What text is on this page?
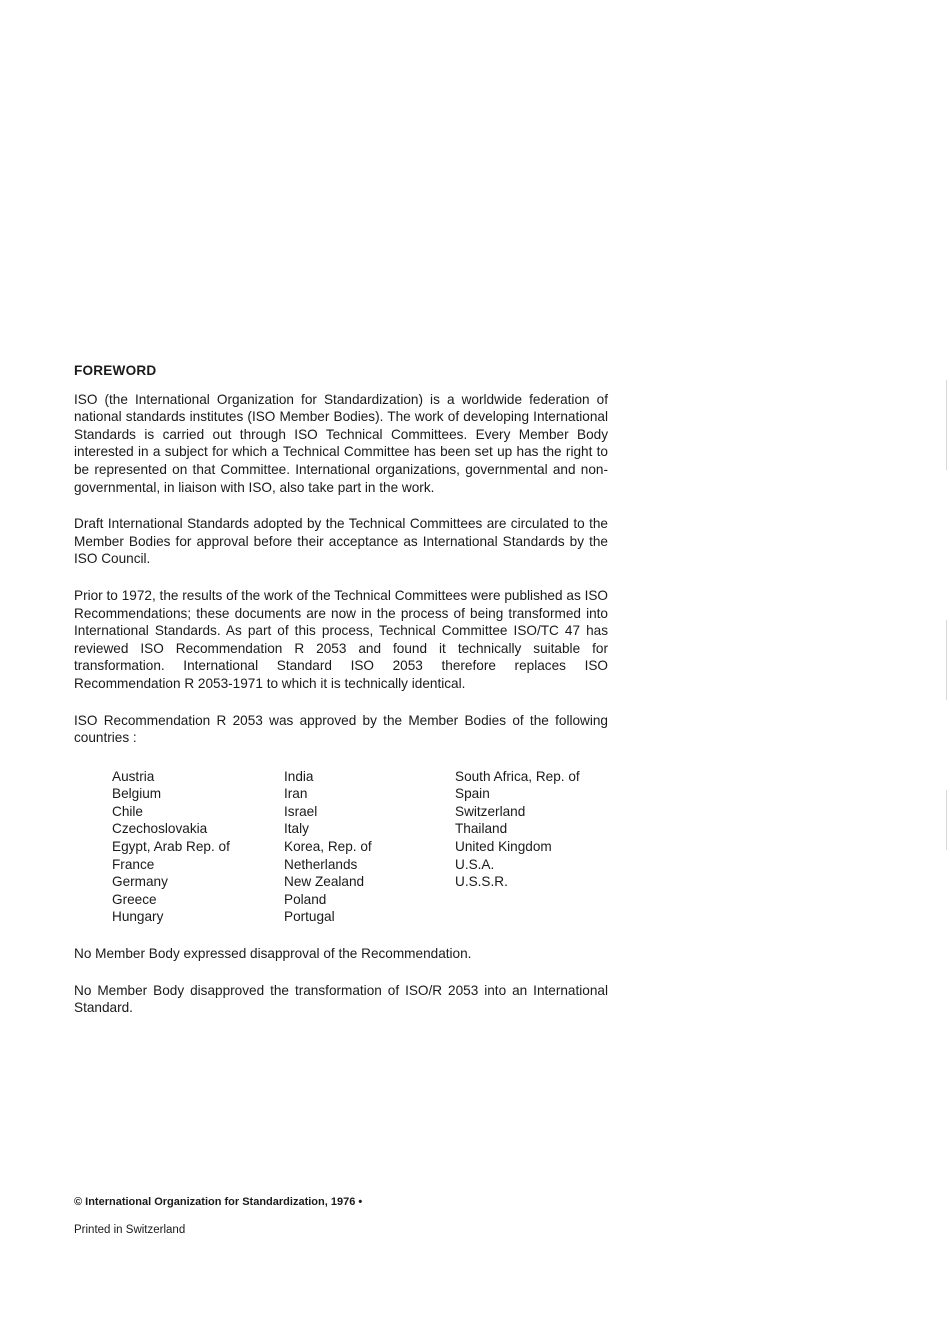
FOREWORD

ISO (the International Organization for Standardization) is a worldwide federation of national standards institutes (ISO Member Bodies). The work of developing International Standards is carried out through ISO Technical Committees. Every Member Body interested in a subject for which a Technical Committee has been set up has the right to be represented on that Committee. International organizations, governmental and non-governmental, in liaison with ISO, also take part in the work.

Draft International Standards adopted by the Technical Committees are circulated to the Member Bodies for approval before their acceptance as International Standards by the ISO Council.

Prior to 1972, the results of the work of the Technical Committees were published as ISO Recommendations; these documents are now in the process of being transformed into International Standards. As part of this process, Technical Committee ISO/TC 47 has reviewed ISO Recommendation R 2053 and found it technically suitable for transformation. International Standard ISO 2053 therefore replaces ISO Recommendation R 2053-1971 to which it is technically identical.

ISO Recommendation R 2053 was approved by the Member Bodies of the following countries :

Austria
Belgium
Chile
Czechoslovakia
Egypt, Arab Rep. of
France
Germany
Greece
Hungary
India
Iran
Israel
Italy
Korea, Rep. of
Netherlands
New Zealand
Poland
Portugal
South Africa, Rep. of
Spain
Switzerland
Thailand
United Kingdom
U.S.A.
U.S.S.R.

No Member Body expressed disapproval of the Recommendation.

No Member Body disapproved the transformation of ISO/R 2053 into an International Standard.

© International Organization for Standardization, 1976 •
Printed in Switzerland
